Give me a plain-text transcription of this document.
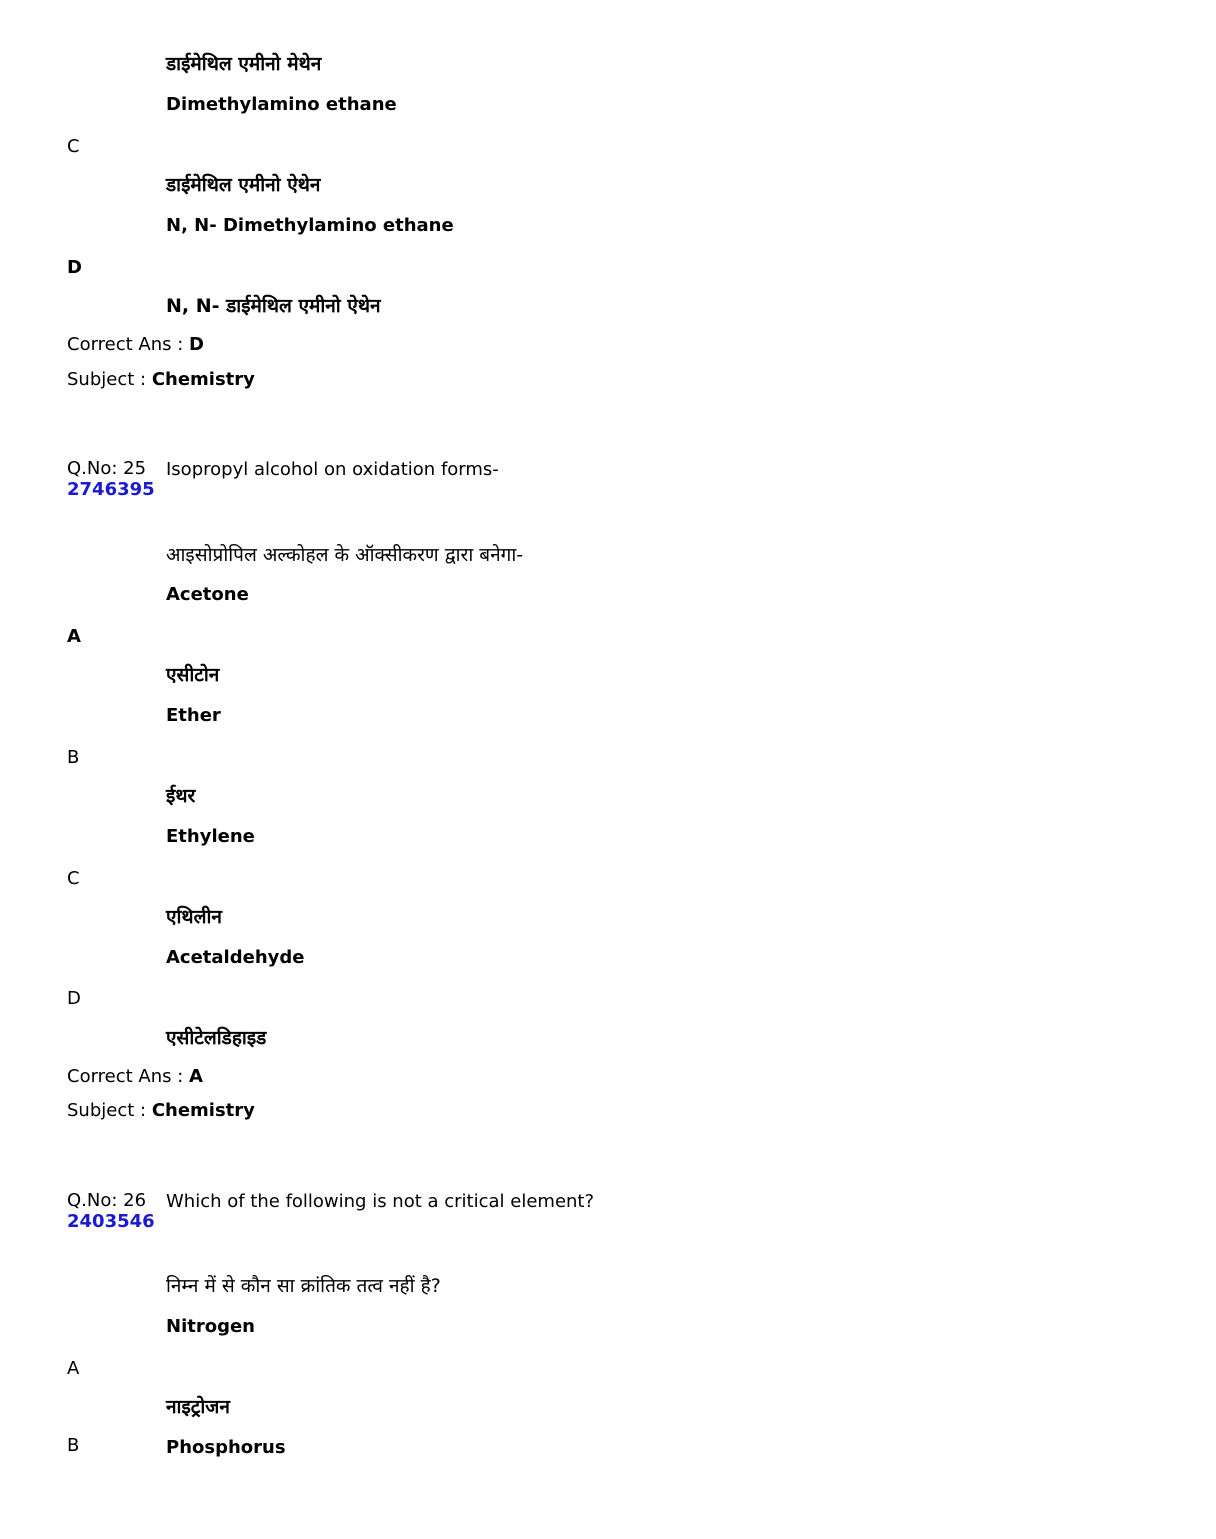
डाईमेथिल एमीनो मेथेन
Dimethylamino ethane
C
डाईमेथिल एमीनो ऐथेन
N, N- Dimethylamino ethane
D
N, N- डाईमेथिल एमीनो ऐथेन
Correct Ans : D
Subject : Chemistry
Q.No: 25
2746395
Isopropyl alcohol on oxidation forms-
आइसोप्रोपिल अल्कोहल के ऑक्सीकरण द्वारा बनेगा-
Acetone
A
एसीटोन
Ether
B
ईथर
Ethylene
C
एथिलीन
Acetaldehyde
D
एसीटेलडिहाइड
Correct Ans : A
Subject : Chemistry
Q.No: 26
2403546
Which of the following is not a critical element?
निम्न में से कौन सा क्रांतिक तत्व नहीं है?
Nitrogen
A
नाइट्रोजन
B	Phosphorus
